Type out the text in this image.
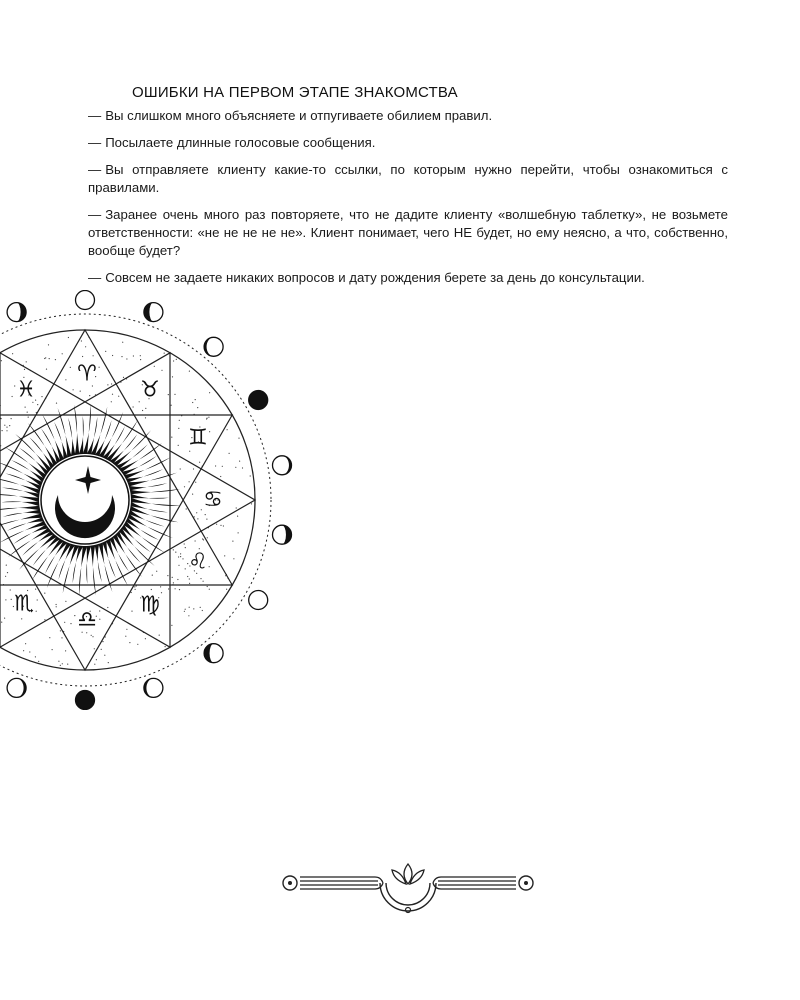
ОШИБКИ НА ПЕРВОМ ЭТАПЕ ЗНАКОМСТВА
— Вы слишком много объясняете и отпугиваете обилием правил.
— Посылаете длинные голосовые сообщения.
— Вы отправляете клиенту какие-то ссылки, по которым нужно перейти, чтобы ознакомиться с правилами.
— Заранее очень много раз повторяете, что не дадите клиенту «волшебную таблетку», не возьмете ответственности: «не не не не не». Клиент понимает, чего НЕ будет, но ему неясно, а что, собственно, вообще будет?
— Совсем не задаете никаких вопросов и дату рождения берете за день до консультации.
♓
♈
♉
♊
♋
♌
♍
♎
♏
